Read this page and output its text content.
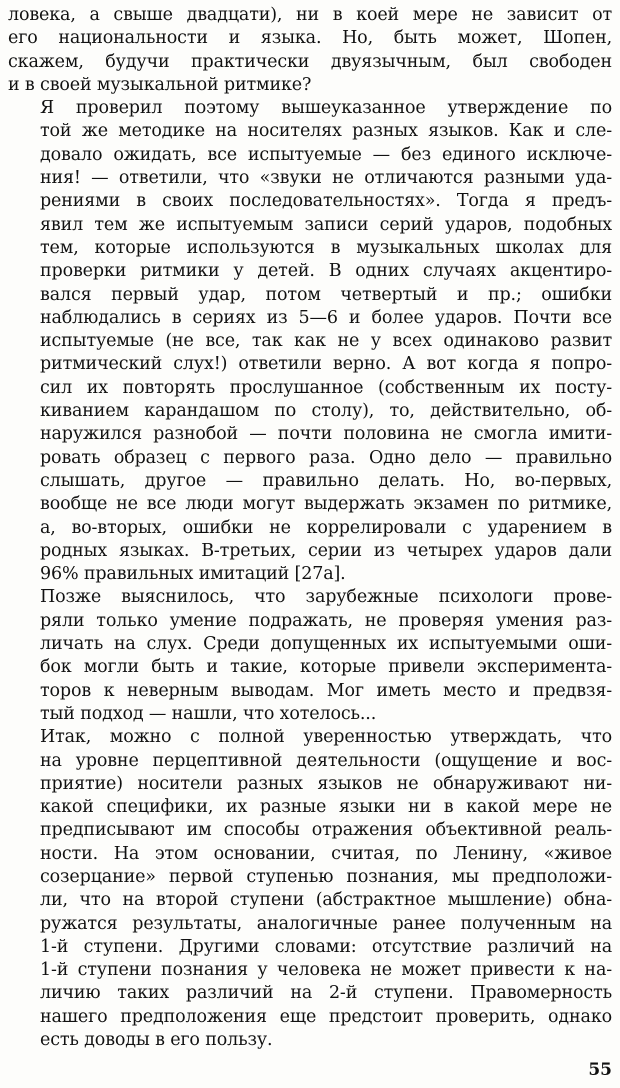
ловека, а свыше двадцати), ни в коей мере не зависит от
его национальности и языка. Но, быть может, Шопен,
скажем, будучи практически двуязычным, был свободен
и в своей музыкальной ритмике?
Я проверил поэтому вышеуказанное утверждение по
той же методике на носителях разных языков. Как и сле-
довало ожидать, все испытуемые — без единого исключе-
ния! — ответили, что «звуки не отличаются разными уда-
рениями в своих последовательностях». Тогда я предъ-
явил тем же испытуемым записи серий ударов, подобных
тем, которые используются в музыкальных школах для
проверки ритмики у детей. В одних случаях акцентиро-
вался первый удар, потом четвертый и пр.; ошибки
наблюдались в сериях из 5—6 и более ударов. Почти все
испытуемые (не все, так как не у всех одинаково развит
ритмический слух!) ответили верно. А вот когда я попро-
сил их повторять прослушанное (собственным их посту-
киванием карандашом по столу), то, действительно, об-
наружился разнобой — почти половина не смогла имити-
ровать образец с первого раза. Одно дело — правильно
слышать, другое — правильно делать. Но, во-первых,
вообще не все люди могут выдержать экзамен по ритмике,
а, во-вторых, ошибки не коррелировали с ударением в
родных языках. В-третьих, серии из четырех ударов дали
96% правильных имитаций [27а].
Позже выяснилось, что зарубежные психологи прове-
ряли только умение подражать, не проверяя умения раз-
личать на слух. Среди допущенных их испытуемыми оши-
бок могли быть и такие, которые привели эксперимента-
торов к неверным выводам. Мог иметь место и предвзя-
тый подход — нашли, что хотелось...
Итак, можно с полной уверенностью утверждать, что
на уровне перцептивной деятельности (ощущение и вос-
приятие) носители разных языков не обнаруживают ни-
какой специфики, их разные языки ни в какой мере не
предписывают им способы отражения объективной реаль-
ности. На этом основании, считая, по Ленину, «живое
созерцание» первой ступенью познания, мы предположи-
ли, что на второй ступени (абстрактное мышление) обна-
ружатся результаты, аналогичные ранее полученным на
1-й ступени. Другими словами: отсутствие различий на
1-й ступени познания у человека не может привести к на-
личию таких различий на 2-й ступени. Правомерность
нашего предположения еще предстоит проверить, однако
есть доводы в его пользу.
55
